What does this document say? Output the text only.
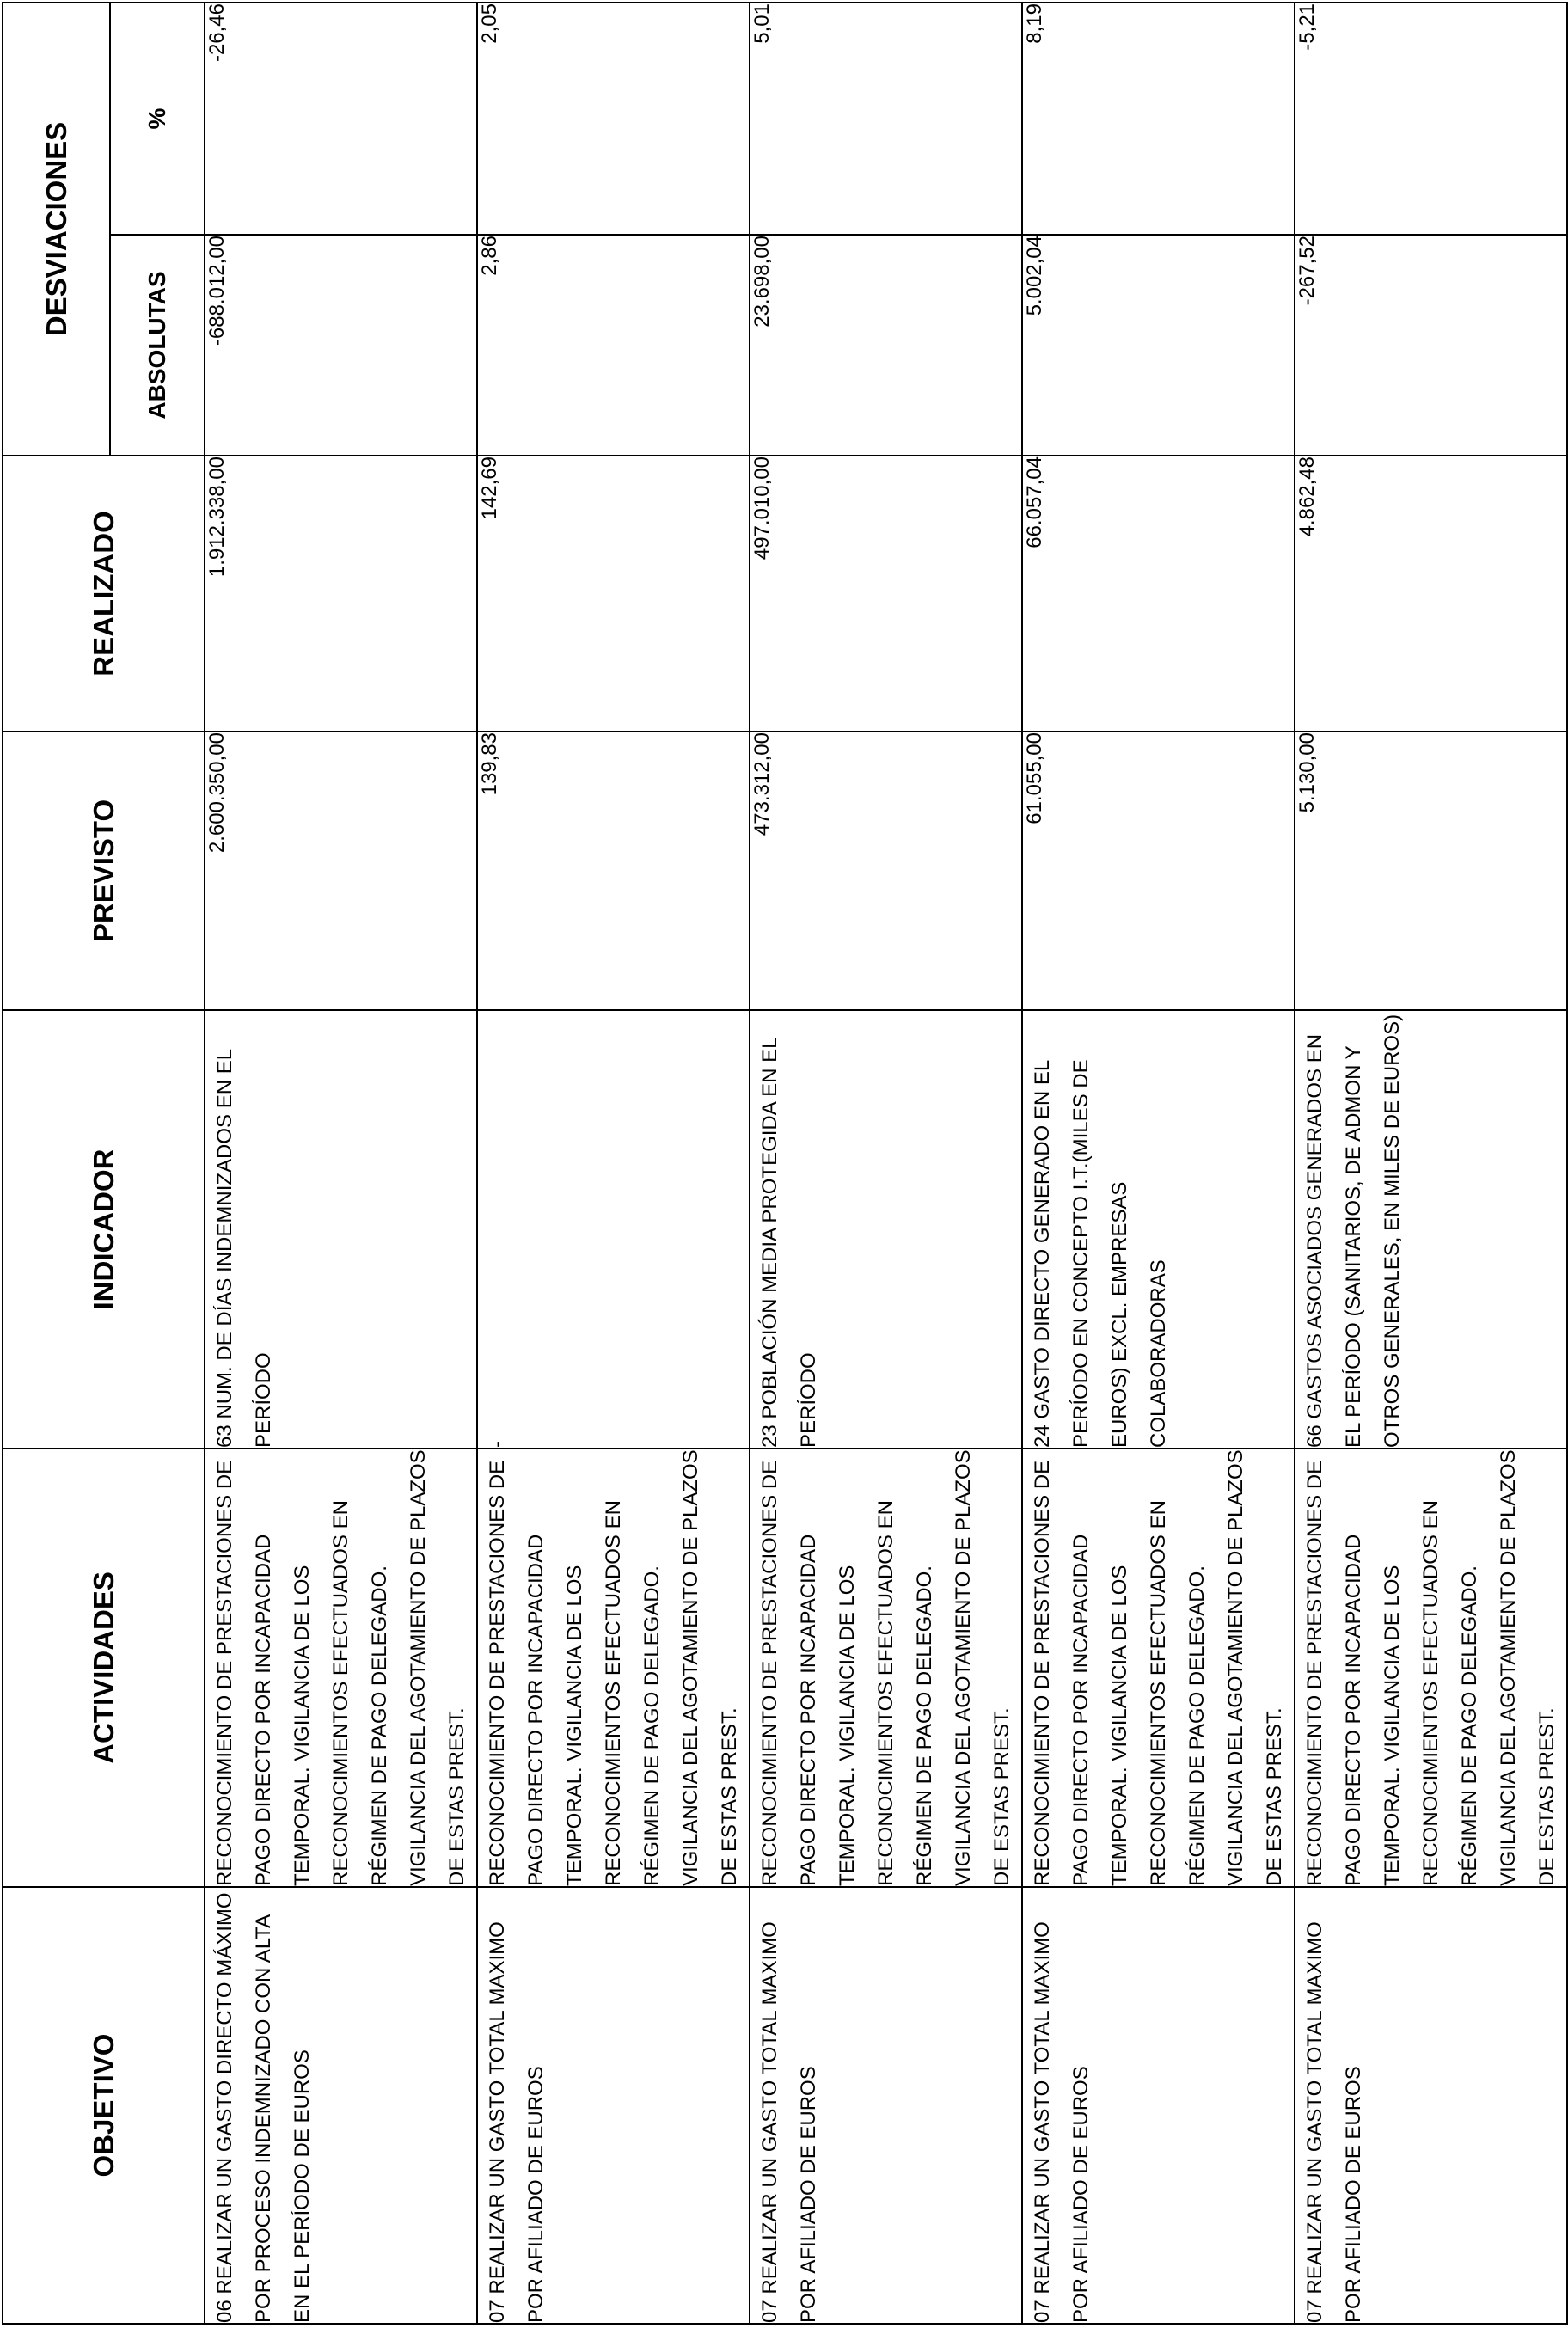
OBJETIVO	ACTIVIDADES	INDICADOR	PREVISTO	REALIZADO	DESVIACIONES	
					ABSOLUTAS	%
06 REALIZAR UN GASTO DIRECTO MÁXIMO POR PROCESO INDEMNIZADO CON ALTA EN EL PERÍODO DE EUROS	RECONOCIMIENTO DE PRESTACIONES DE PAGO DIRECTO POR INCAPACIDAD TEMPORAL. VIGILANCIA DE LOS RECONOCIMIENTOS EFECTUADOS EN RÉGIMEN DE PAGO DELEGADO. VIGILANCIA DEL AGOTAMIENTO DE PLAZOS DE ESTAS PREST.	63 NUM. DE DÍAS INDEMNIZADOS EN EL PERÍODO	2.600.350,00	1.912.338,00	-688.012,00	-26,46
07 REALIZAR UN GASTO TOTAL MAXIMO POR AFILIADO DE EUROS	RECONOCIMIENTO DE PRESTACIONES DE PAGO DIRECTO POR INCAPACIDAD TEMPORAL. VIGILANCIA DE LOS RECONOCIMIENTOS EFECTUADOS EN RÉGIMEN DE PAGO DELEGADO. VIGILANCIA DEL AGOTAMIENTO DE PLAZOS DE ESTAS PREST.	-	139,83	142,69	2,86	2,05
07 REALIZAR UN GASTO TOTAL MAXIMO POR AFILIADO DE EUROS	RECONOCIMIENTO DE PRESTACIONES DE PAGO DIRECTO POR INCAPACIDAD TEMPORAL. VIGILANCIA DE LOS RECONOCIMIENTOS EFECTUADOS EN RÉGIMEN DE PAGO DELEGADO. VIGILANCIA DEL AGOTAMIENTO DE PLAZOS DE ESTAS PREST.	23 POBLACIÓN MEDIA PROTEGIDA EN EL PERÍODO	473.312,00	497.010,00	23.698,00	5,01
07 REALIZAR UN GASTO TOTAL MAXIMO POR AFILIADO DE EUROS	RECONOCIMIENTO DE PRESTACIONES DE PAGO DIRECTO POR INCAPACIDAD TEMPORAL. VIGILANCIA DE LOS RECONOCIMIENTOS EFECTUADOS EN RÉGIMEN DE PAGO DELEGADO. VIGILANCIA DEL AGOTAMIENTO DE PLAZOS DE ESTAS PREST.	24 GASTO DIRECTO GENERADO EN EL PERÍODO EN CONCEPTO I.T.(MILES DE EUROS) EXCL. EMPRESAS COLABORADORAS	61.055,00	66.057,04	5.002,04	8,19
07 REALIZAR UN GASTO TOTAL MAXIMO POR AFILIADO DE EUROS	RECONOCIMIENTO DE PRESTACIONES DE PAGO DIRECTO POR INCAPACIDAD TEMPORAL. VIGILANCIA DE LOS RECONOCIMIENTOS EFECTUADOS EN RÉGIMEN DE PAGO DELEGADO. VIGILANCIA DEL AGOTAMIENTO DE PLAZOS DE ESTAS PREST.	66 GASTOS ASOCIADOS GENERADOS EN EL PERÍODO (SANITARIOS, DE ADMON Y OTROS GENERALES, EN MILES DE EUROS)	5.130,00	4.862,48	-267,52	-5,21
